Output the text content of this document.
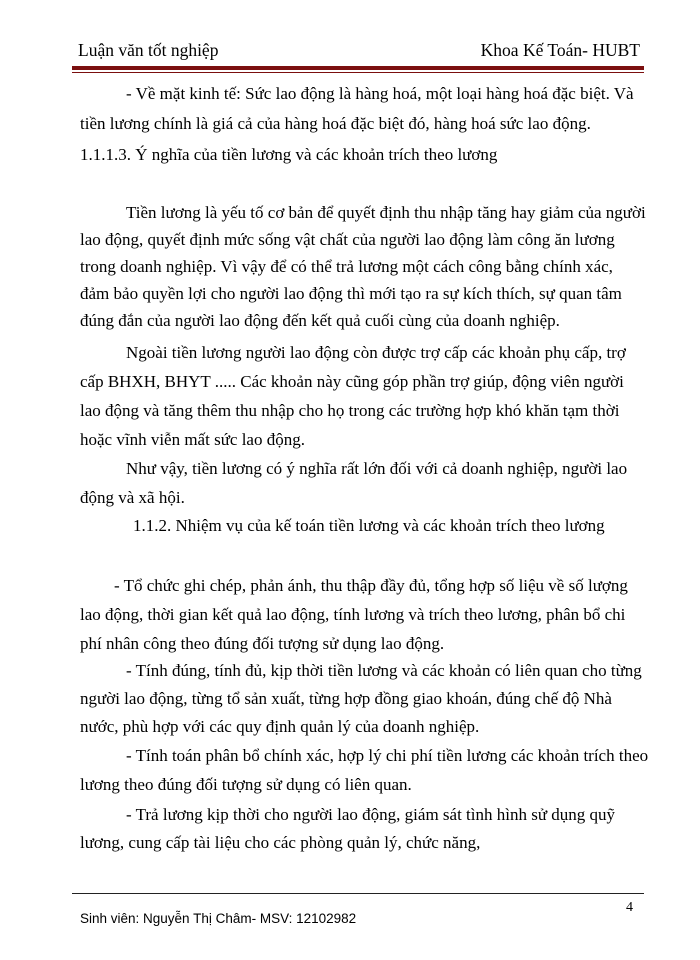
Luận văn tốt nghiệp	Khoa Kế Toán- HUBT
- Về mặt kinh tế: Sức lao động là hàng hoá, một loại hàng hoá đặc biệt. Và
tiền lương chính là giá cả của hàng hoá đặc biệt đó, hàng hoá sức lao động.
1.1.1.3. Ý nghĩa của tiền lương và các khoản trích theo lương
Tiền lương là yếu tố cơ bản để quyết định thu nhập tăng hay giảm của người
lao động, quyết định mức sống vật chất của người lao động làm công ăn lương
trong doanh nghiệp. Vì vậy để có thể trả lương một cách công bằng chính xác,
đảm bảo quyền lợi cho người lao động thì mới tạo ra sự kích thích, sự quan tâm
đúng đắn của người lao động đến kết quả cuối cùng của doanh nghiệp.
Ngoài tiền lương người lao động còn được trợ cấp các khoản phụ cấp, trợ
cấp BHXH, BHYT ..... Các khoản này cũng góp phần trợ giúp, động viên người
lao động và tăng thêm thu nhập cho họ trong các trường hợp khó khăn tạm thời
hoặc vĩnh viễn mất sức lao động.
Như vậy, tiền lương có ý nghĩa rất lớn đối với cả doanh nghiệp, người lao
động và xã hội.
1.1.2. Nhiệm vụ của kế toán tiền lương và các khoản trích theo lương
- Tổ chức ghi chép, phản ánh, thu thập đầy đủ, tổng hợp số liệu về số lượng
lao động, thời gian kết quả lao động, tính lương và trích theo lương, phân bổ chi
phí nhân công theo đúng đối tượng sử dụng lao động.
- Tính đúng, tính đủ, kịp thời tiền lương và các khoản có liên quan cho từng
người lao động, từng tổ sản xuất, từng hợp đồng giao khoán, đúng chế độ Nhà
nước, phù hợp với các quy định quản lý của doanh nghiệp.
- Tính toán phân bổ chính xác, hợp lý chi phí tiền lương các khoản trích theo
lương theo đúng đối tượng sử dụng có liên quan.
- Trả lương kịp thời cho người lao động, giám sát tình hình sử dụng quỹ
lương, cung cấp tài liệu cho các phòng quản lý, chức năng,
4
Sinh viên: Nguyễn Thị Châm- MSV: 12102982
